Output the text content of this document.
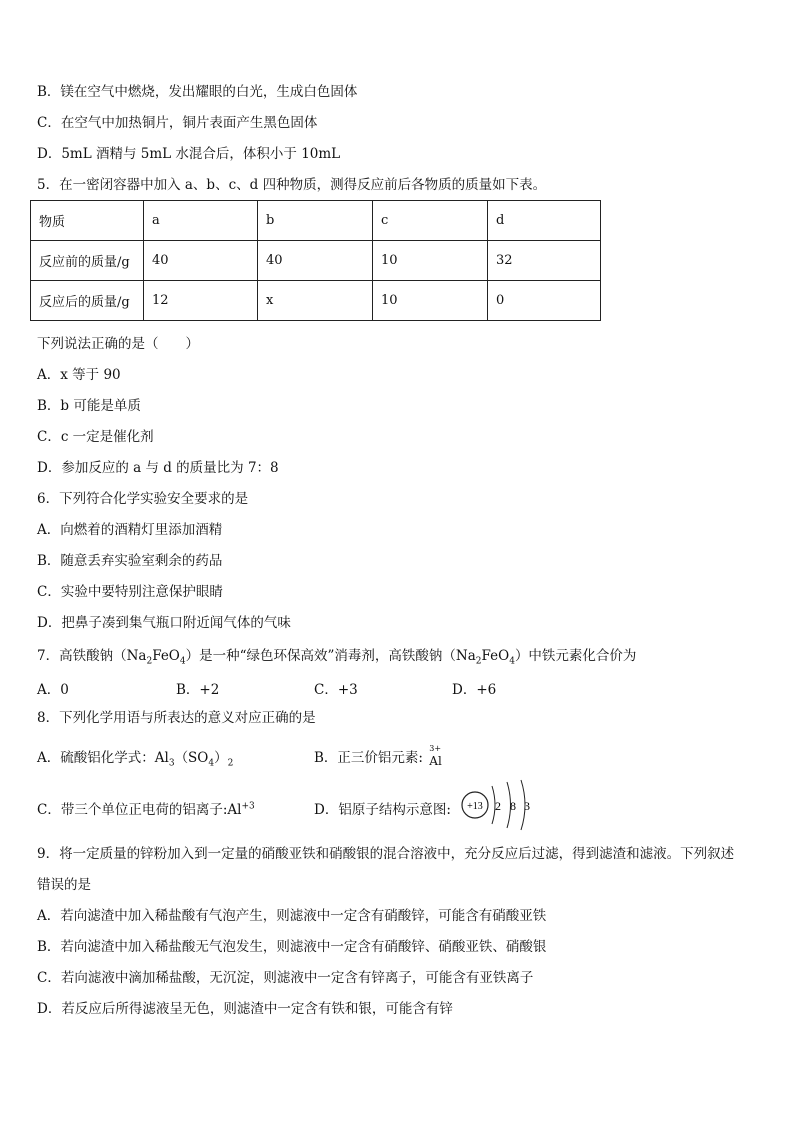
B．镁在空气中燃烧，发出耀眼的白光，生成白色固体
C．在空气中加热铜片，铜片表面产生黑色固体
D．5mL 酒精与 5mL 水混合后，体积小于 10mL
5．在一密闭容器中加入 a、b、c、d 四种物质，测得反应前后各物质的质量如下表。
物质	a	b	c	d
反应前的质量/g	40	40	10	32
反应后的质量/g	12	x	10	0
下列说法正确的是（　　）
A．x 等于 90
B．b 可能是单质
C．c 一定是催化剂
D．参加反应的 a 与 d 的质量比为 7：8
6．下列符合化学实验安全要求的是
A．向燃着的酒精灯里添加酒精
B．随意丢弃实验室剩余的药品
C．实验中要特别注意保护眼睛
D．把鼻子凑到集气瓶口附近闻气体的气味
7．高铁酸钠$(Na_2FeO_4)$是一种“绿色环保高效”消毒剂，高铁酸钠$(Na_2FeO_4)$中铁元素化合价为
A．0	B．+2	C．+3	D．+6
8．下列化学用语与所表达的意义对应正确的是
A．硫酸铝化学式：$Al_3(SO_4)_2$	B．正三价铝元素:
3+
Al
C．带三个单位正电荷的铝离子$:Al^{+3}$	D．铝原子结构示意图: +13 2 8 3
9．将一定质量的锌粉加入到一定量的硝酸亚铁和硝酸银的混合溶液中，充分反应后过滤，得到滤渣和滤液。下列叙述
错误的是
A．若向滤渣中加入稀盐酸有气泡产生，则滤液中一定含有硝酸锌，可能含有硝酸亚铁
B．若向滤渣中加入稀盐酸无气泡发生，则滤液中一定含有硝酸锌、硝酸亚铁、硝酸银
C．若向滤液中滴加稀盐酸，无沉淀，则滤液中一定含有锌离子，可能含有亚铁离子
D．若反应后所得滤液呈无色，则滤渣中一定含有铁和银，可能含有锌
